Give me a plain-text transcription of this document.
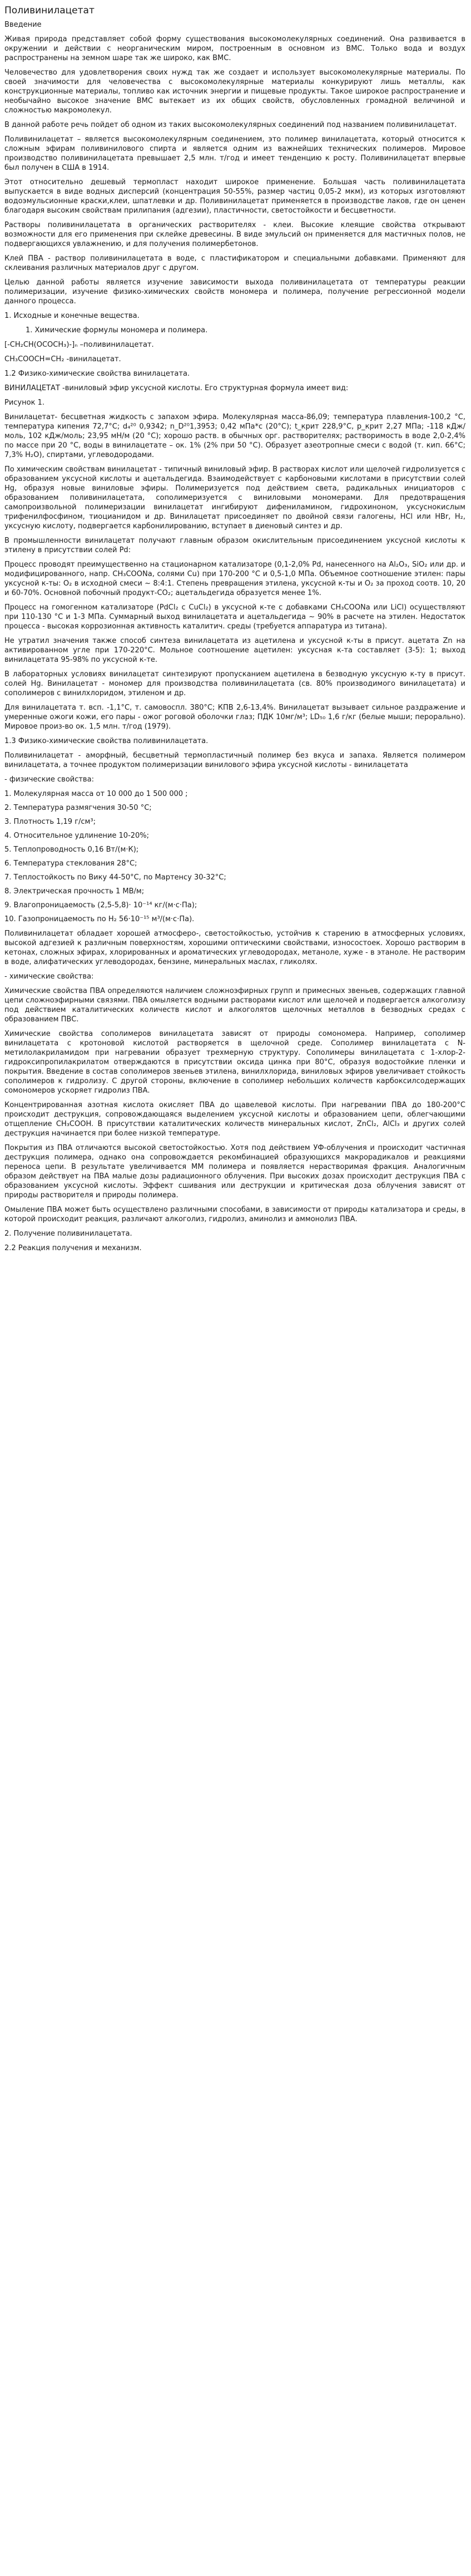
Поливинилацетат

Введение

Живая природа представляет собой форму существования высокомолекулярных соединений. Она развивается в окружении и действии с неорганическим миром, построенным в основном из ВМС. Только вода и воздух распространены на земном шаре так же широко, как ВМС.

Человечество для удовлетворения своих нужд так же создает и использует высокомолекулярные материалы. По своей значимости для человечества с высокомолекулярные материалы конкурируют лишь металлы, как конструкционные материалы, топливо как источник энергии и пищевые продукты. Такое широкое распространение и необычайно высокое значение ВМС вытекает из их общих свойств, обусловленных громадной величиной и сложностью макромолекул.

В данной работе речь пойдет об одном из таких высокомолекулярных соединений под названием поливинилацетат.

Поливинилацетат – является высокомолекулярным соединением, это полимер винилацетата, который относится к сложным эфирам поливинилового спирта и является одним из важнейших технических полимеров. Мировое производство поливинилацетата превышает 2,5 млн. т/год и имеет тенденцию к росту. Поливинилацетат впервые был получен в США в 1914.

Этот относительно дешевый термопласт находит широкое применение. Большая часть поливинилацетата выпускается в виде водных дисперсий (концентрация 50-55%, размер частиц 0,05-2 мкм), из которых изготовляют водоэмульсионные краски,клеи, шпатлевки и др. Поливинилацетат применяется в производстве лаков, где он ценен благодаря высоким свойствам прилипания (адгезии), пластичности, светостойкости и бесцветности.

Растворы поливинилацетата в органических растворителях - клеи. Высокие клеящие свойства открывают возможности для его применения при склейке древесины. В виде эмульсий он применяется для мастичных полов, не подвергающихся увлажнению, и для получения полимербетонов.

Клей ПВА - раствор поливинилацетата в воде, с пластификатором и специальными добавками. Применяют для склеивания различных материалов друг с другом.

Целью данной работы является изучение зависимости выхода поливинилацетата от температуры реакции полимеризации, изучение физико-химических свойств мономера и полимера, получение регрессионной модели данного процесса.

1. Исходные и конечные вещества.

1. Химические формулы мономера и полимера.

[-CH₂CH(OCOCH₃)-]ₙ –поливинилацетат.

CH₃COOCH=CH₂ -винилацетат.

1.2 Физико-химические свойства винилацетата.

ВИНИЛАЦЕТАТ -виниловый эфир уксусной кислоты. Его структурная формула имеет вид:

Рисунок 1.

Винилацетат- бесцветная жидкость с запахом эфира. Молекулярная масса-86,09; температура плавления-100,2 °С, температура кипения 72,7°С; d₄²⁰ 0,9342; n_D²⁰1,3953; 0,42 мПа*с (20°С); t_крит 228,9°С, р_крит 2,27 МПа; -118 кДж/моль, 102 кДж/моль; 23,95 мН/м (20 °С); хорошо раств. в обычных орг. растворителях; растворимость в воде 2,0-2,4% по массе при 20 °С, воды в винилацетате – ок. 1% (2% при 50 °С). Образует азеотропные смеси с водой (т. кип. 66°С; 7,3% H₂O), спиртами, углеводородами.

По химическим свойствам винилацетат - типичный виниловый эфир. В растворах кислот или щелочей гидролизуется с образованием уксусной кислоты и ацетальдегида. Взаимодействует с карбоновыми кислотами в присутствии солей Hg, образуя новые виниловые эфиры. Полимеризуется под действием света, радикальных инициаторов с образованием поливинилацетата, сополимеризуется с виниловыми мономерами. Для предотвращения самопроизвольной полимеризации винилацетат ингибируют дифениламином, гидрохиноном, уксуснокислым трифенилфосфином, тиоцианидом и др. Винилацетат присоединяет по двойной связи галогены, HCl или HBr, H₂, уксусную кислоту, подвергается карбонилированию, вступает в диеновый синтез и др.

В промышленности винилацетат получают главным образом окислительным присоединением уксусной кислоты к этилену в присутствии солей Pd:

Процесс проводят преимущественно на стационарном катализаторе (0,1-2,0% Pd, нанесенного на Al₂O₃, SiO₂ или др. и модифицированного, напр. CH₃COONa, солями Cu) при 170-200 °С и 0,5-1,0 МПа. Объемное соотношение этилен: пары уксусной к-ты: O₂ в исходной смеси ~ 8:4:1. Степень превращения этилена, уксусной к-ты и O₂ за проход соотв. 10, 20 и 60-70%. Основной побочный продукт-CO₂; ацетальдегида образуется менее 1%.

Процесс на гомогенном катализаторе (PdCl₂ с CuCl₂) в уксусной к-те с добавками CH₃COONa или LiCl) осуществляют при 110-130 °С и 1-3 МПа. Суммарный выход винилацетата и ацетальдегида ~ 90% в расчете на этилен. Недостаток процесса - высокая коррозионная активность каталитич. среды (требуется аппаратура из титана).

Не утратил значения также способ синтеза винилацетата из ацетилена и уксусной к-ты в присут. ацетата Zn на активированном угле при 170-220°С. Мольное соотношение ацетилен: уксусная к-та составляет (3-5): 1; выход винилацетата 95-98% по уксусной к-те.

В лабораторных условиях винилацетат синтезируют пропусканием ацетилена в безводную уксусную к-ту в присут. солей Hg. Винилацетат - мономер для производства поливинилацетата (св. 80% производимого винилацетата) и сополимеров с винилхлоридом, этиленом и др.

Для винилацетата т. всп. -1,1°С, т. самовоспл. 380°С; КПВ 2,6-13,4%. Винилацетат вызывает сильное раздражение и умеренные ожоги кожи, его пары - ожог роговой оболочки глаз; ПДК 10мг/м³; LD₅₀ 1,6 г/кг (белые мыши; перорально). Мировое произ-во ок. 1,5 млн. т/год (1979).

1.3 Физико-химические свойства поливинилацетата.

Поливинилацетат - аморфный, бесцветный термопластичный полимер без вкуса и запаха. Является полимером винилацетата, а точнее продуктом полимеризации винилового эфира уксусной кислоты - винилацетата

- физические свойства:

1. Молекулярная масса от 10 000 до 1 500 000 ;
2. Температура размягчения 30-50 °С;
3. Плотность 1,19 г/см³;
4. Относительное удлинение 10-20%;
5. Теплопроводность 0,16 Вт/(м·К);
6. Температура стеклования 28°С;
7. Теплостойкость по Вику 44-50°С, по Мартенсу 30-32°С;
8. Электрическая прочность 1 МВ/м;
9. Влагопроницаемость (2,5-5,8)· 10⁻¹⁴ кг/(м·с·Па);
10. Газопроницаемость по H₂ 56·10⁻¹⁵ м³/(м·с·Па).

Поливинилацетат обладает хорошей атмосферо-, светостойкостью, устойчив к старению в атмосферных условиях, высокой адгезией к различным поверхностям, хорошими оптическими свойствами, износостоек. Хорошо растворим в кетонах, сложных эфирах, хлорированных и ароматических углеводородах, метаноле, хуже - в этаноле. Не растворим в воде, алифатических углеводородах, бензине, минеральных маслах, гликолях.

- химические свойства:

Химические свойства ПВА определяются наличием сложноэфирных групп и примесных звеньев, содержащих главной цепи сложноэфирными связями. ПВА омыляется водными растворами кислот или щелочей и подвергается алкоголизу под действием каталитических количеств кислот и алкоголятов щелочных металлов в безводных средах с образованием ПВС.

Химические свойства сополимеров винилацетата зависят от природы сомономера. Например, сополимер винилацетата с кротоновой кислотой растворяется в щелочной среде. Сополимер винилацетата с N-метилолакриламидом при нагревании образует трехмерную структуру. Сополимеры винилацетата с 1-хлор-2-гидроксипропилакрилатом отверждаются в присутствии оксида цинка при 80°С, образуя водостойкие пленки и покрытия. Введение в состав сополимеров звеньев этилена, винилхлорида, виниловых эфиров увеличивает стойкость сополимеров к гидролизу. С другой стороны, включение в сополимер небольших количеств карбоксилсодержащих сомономеров ускоряет гидролиз ПВА.

Концентрированная азотная кислота окисляет ПВА до щавелевой кислоты. При нагревании ПВА до 180-200°С происходит деструкция, сопровождающаяся выделением уксусной кислоты и образованием цепи, облегчающими отщепление CH₃COOH. В присутствии каталитических количеств минеральных кислот, ZnCl₂, AlCl₃ и других солей деструкция начинается при более низкой температуре.

Покрытия из ПВА отличаются высокой светостойкостью. Хотя под действием УФ-облучения и происходит частичная деструкция полимера, однако она сопровождается рекомбинацией образующихся макрорадикалов и реакциями переноса цепи. В результате увеличивается ММ полимера и появляется нерастворимая фракция. Аналогичным образом действует на ПВА малые дозы радиационного облучения. При высоких дозах происходит деструкция ПВА с образованием уксусной кислоты. Эффект сшивания или деструкции и критическая доза облучения зависят от природы растворителя и природы полимера.

Омыление ПВА может быть осуществлено различными способами, в зависимости от природы катализатора и среды, в которой происходит реакция, различают алкоголиз, гидролиз, аминолиз и аммонолиз ПВА.

2. Получение поливинилацетата.

2.2 Реакция получения и механизм.
